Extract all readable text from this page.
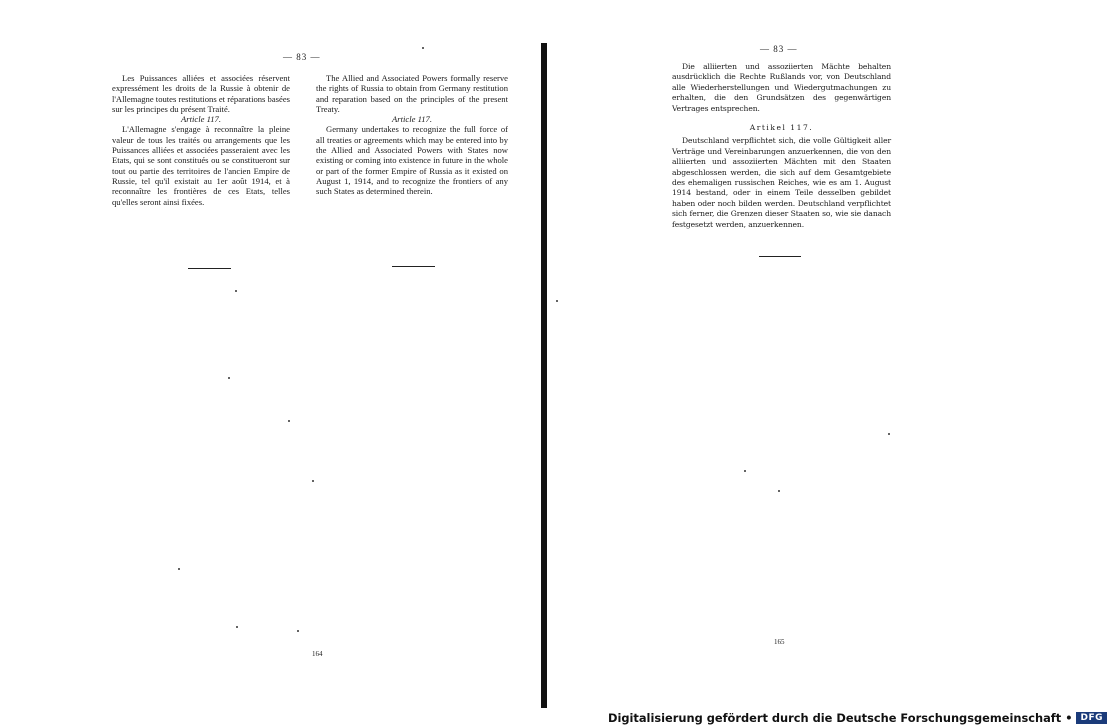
— 83 —

Les Puissances alliées et associées réservent expressément les droits de la Russie à obtenir de l'Allemagne toutes restitutions et réparations basées sur les principes du présent Traité.

Article 117.

L'Allemagne s'engage à reconnaître la pleine valeur de tous les traités ou arrangements que les Puissances alliées et associées passeraient avec les Etats, qui se sont constitués ou se constitueront sur tout ou partie des territoires de l'ancien Empire de Russie, tel qu'il existait au 1er août 1914, et à reconnaître les frontières de ces Etats, telles qu'elles seront ainsi fixées.

The Allied and Associated Powers formally reserve the rights of Russia to obtain from Germany restitution and reparation based on the principles of the present Treaty.

Article 117.

Germany undertakes to recognize the full force of all treaties or agreements which may be entered into by the Allied and Associated Powers with States now existing or coming into existence in future in the whole or part of the former Empire of Russia as it existed on August 1, 1914, and to recognize the frontiers of any such States as determined therein.

164
— 83 —

Die alliierten und assoziierten Mächte behalten ausdrücklich die Rechte Rußlands vor, von Deutschland alle Wiederherstellungen und Wiedergutmachungen zu erhalten, die den Grundsätzen des gegenwärtigen Vertrages entsprechen.

Artikel 117.

Deutschland verpflichtet sich, die volle Gültigkeit aller Verträge und Vereinbarungen anzuerkennen, die von den alliierten und assoziierten Mächten mit den Staaten abgeschlossen werden, die sich auf dem Gesamtgebiete des ehemaligen russischen Reiches, wie es am 1. August 1914 bestand, oder in einem Teile desselben gebildet haben oder noch bilden werden. Deutschland verpflichtet sich ferner, die Grenzen dieser Staaten so, wie sie danach festgesetzt werden, anzuerkennen.

165
Digitalisierung gefördert durch die Deutsche Forschungsgemeinschaft • DFG
